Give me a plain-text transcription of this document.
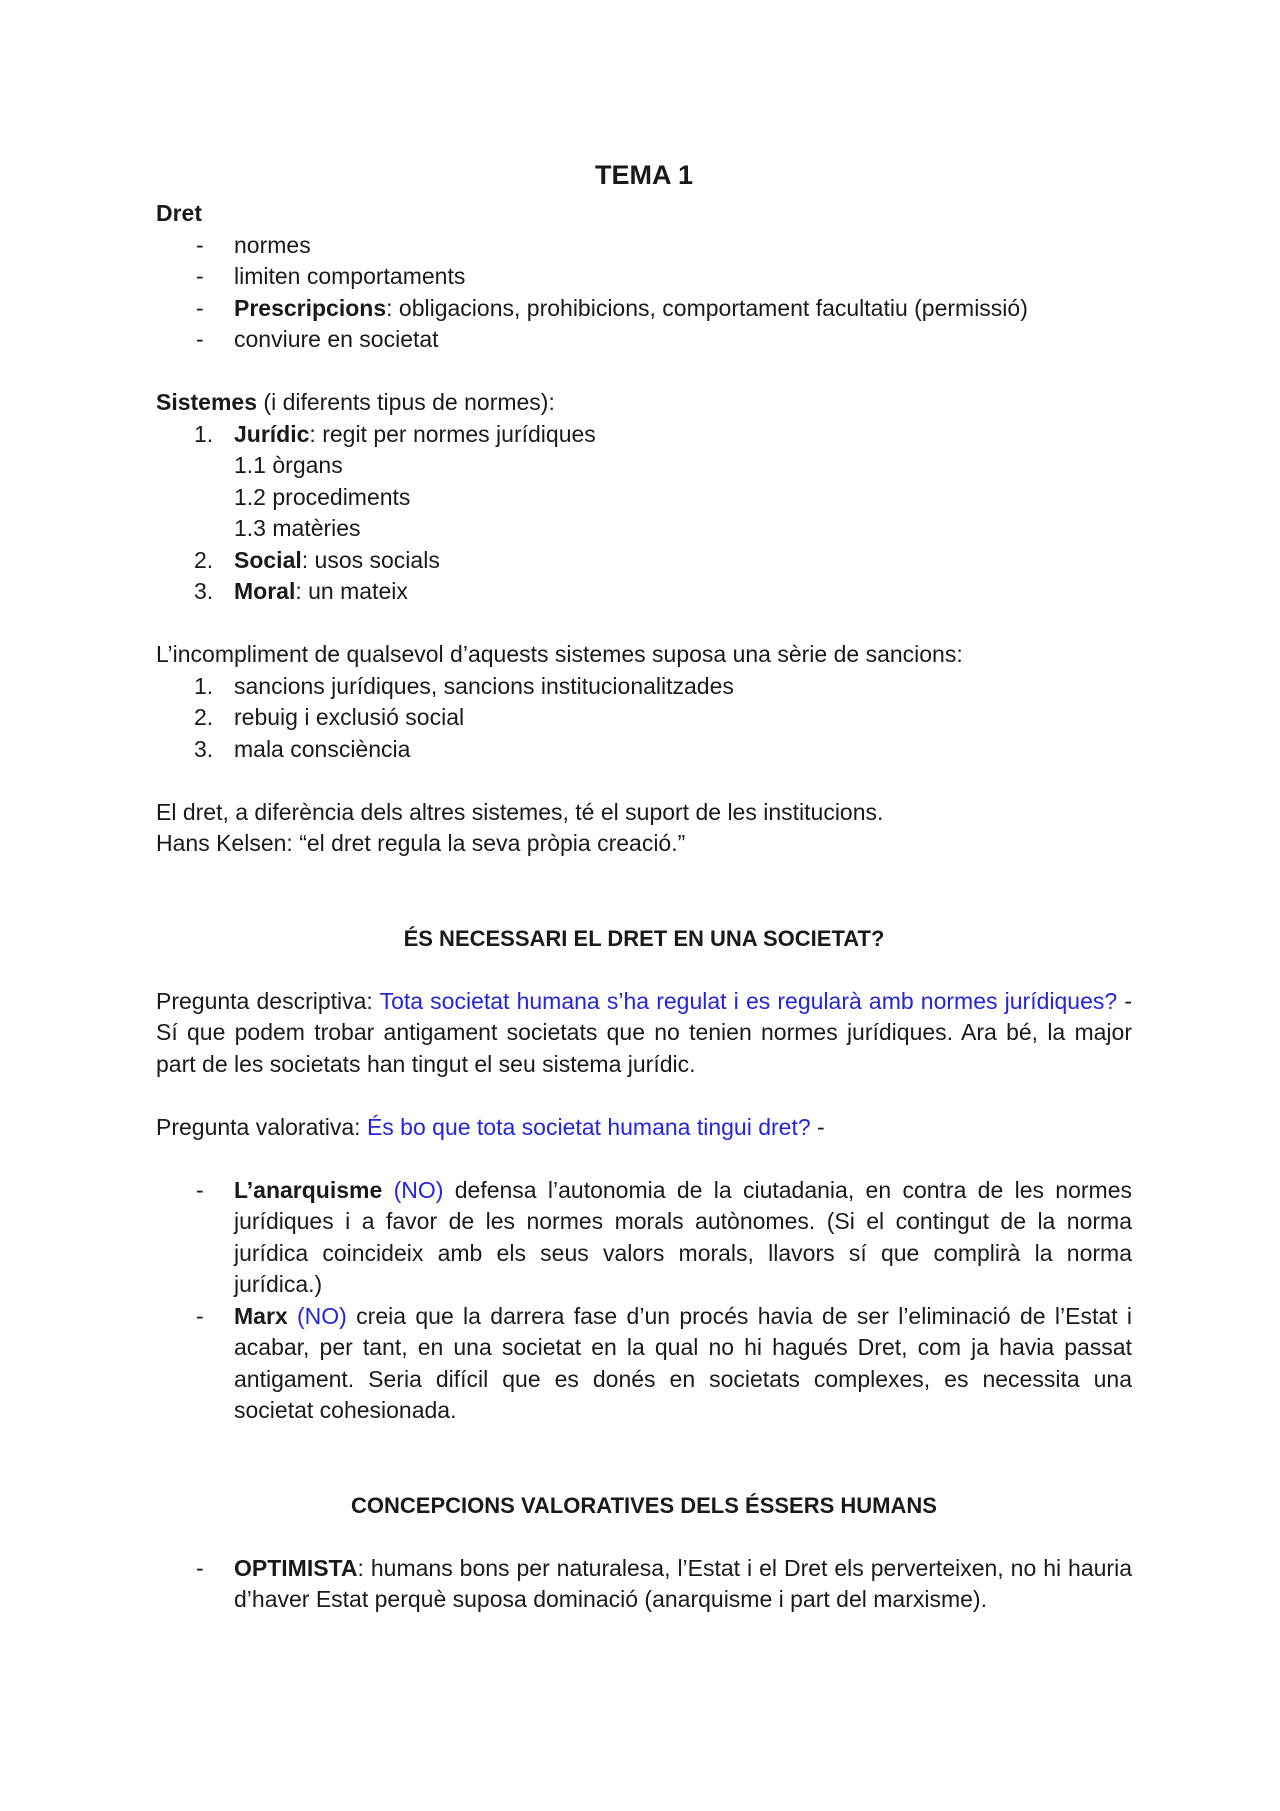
TEMA 1

Dret

- normes
- limiten comportaments
- Prescripcions: obligacions, prohibicions, comportament facultatiu (permissió)
- conviure en societat

Sistemes (i diferents tipus de normes):

1. Jurídic: regit per normes jurídiques

1.1 òrgans

1.2 procediments

1.3 matèries

2. Social: usos socials
3. Moral: un mateix

L’incompliment de qualsevol d’aquests sistemes suposa una sèrie de sancions:

1. sancions jurídiques, sancions institucionalitzades
2. rebuig i exclusió social
3. mala consciència

El dret, a diferència dels altres sistemes, té el suport de les institucions.

Hans Kelsen: “el dret regula la seva pròpia creació.”

ÉS NECESSARI EL DRET EN UNA SOCIETAT?

Pregunta descriptiva: Tota societat humana s’ha regulat i es regularà amb normes jurídiques? - Sí que podem trobar antigament societats que no tenien normes jurídiques. Ara bé, la major part de les societats han tingut el seu sistema jurídic.

Pregunta valorativa: És bo que tota societat humana tingui dret? -

- L’anarquisme (NO) defensa l’autonomia de la ciutadania, en contra de les normes jurídiques i a favor de les normes morals autònomes. (Si el contingut de la norma jurídica coincideix amb els seus valors morals, llavors sí que complirà la norma jurídica.)
- Marx (NO) creia que la darrera fase d’un procés havia de ser l’eliminació de l’Estat i acabar, per tant, en una societat en la qual no hi hagués Dret, com ja havia passat antigament. Seria difícil que es donés en societats complexes, es necessita una societat cohesionada.

CONCEPCIONS VALORATIVES DELS ÉSSERS HUMANS

- OPTIMISTA: humans bons per naturalesa, l’Estat i el Dret els perverteixen, no hi hauria d’haver Estat perquè suposa dominació (anarquisme i part del marxisme).
